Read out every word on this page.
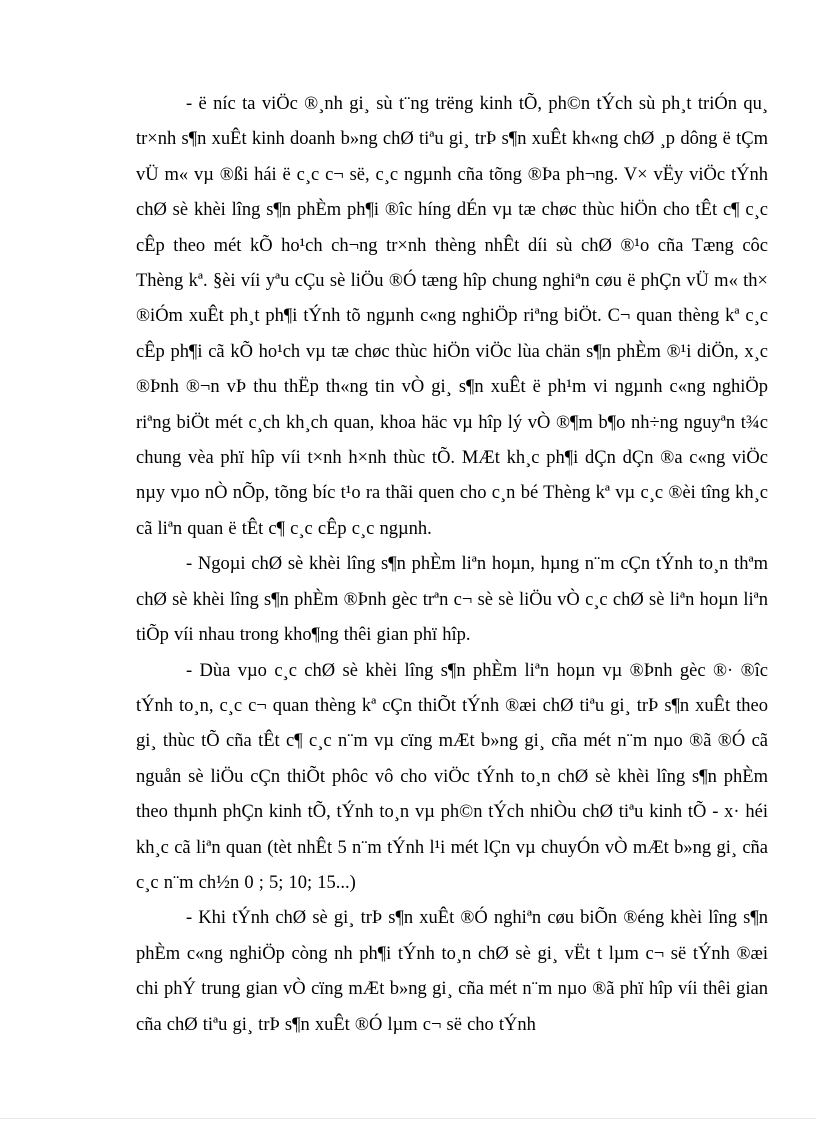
- ë níc ta viÖc ®¸nh gi¸ sù t¨ng trëng kinh tÕ, ph©n tÝch sù ph¸t triÓn qu¸ tr×nh s¶n xuÊt kinh doanh b»ng chØ tiªu gi¸ trÞ s¶n xuÊt kh«ng chØ ¸p dông ë tÇm vÜ m« vµ ®ßi hái ë c¸c c¬ së, c¸c ngµnh cña tõng ®Þa ph¬ng. V× vËy viÖc tÝnh chØ sè khèi lîng s¶n phÈm ph¶i ®îc híng dÉn vµ tæ chøc thùc hiÖn cho tÊt c¶ c¸c cÊp theo mét kÕ ho¹ch ch¬ng tr×nh thèng nhÊt díi sù chØ ®¹o cña Tæng côc Thèng kª. §èi víi yªu cÇu sè liÖu ®Ó tæng hîp chung nghiªn cøu ë phÇn vÜ m« th× ®iÓm xuÊt ph¸t ph¶i tÝnh tõ ngµnh c«ng nghiÖp riªng biÖt. C¬ quan thèng kª c¸c cÊp ph¶i cã kÕ ho¹ch vµ tæ chøc thùc hiÖn viÖc lùa chän s¶n phÈm ®¹i diÖn, x¸c ®Þnh ®¬n vÞ thu thËp th«ng tin vÒ gi¸ s¶n xuÊt ë ph¹m vi ngµnh c«ng nghiÖp riªng biÖt mét c¸ch kh¸ch quan, khoa häc vµ hîp lý vÒ ®¶m b¶o nh÷ng nguyªn t¾c chung vèa phï hîp víi t×nh h×nh thùc tÕ. MÆt kh¸c ph¶i dÇn dÇn ®a c«ng viÖc nµy vµo nÒ nÕp, tõng bíc t¹o ra thãi quen cho c¸n bé Thèng kª vµ c¸c ®èi tîng kh¸c cã liªn quan ë tÊt c¶ c¸c cÊp c¸c ngµnh.

- Ngoµi chØ sè khèi lîng s¶n phÈm liªn hoµn, hµng n¨m cÇn tÝnh to¸n thªm chØ sè khèi lîng s¶n phÈm ®Þnh gèc trªn c¬ sè sè liÖu vÒ c¸c chØ sè liªn hoµn liªn tiÕp víi nhau trong kho¶ng thêi gian phï hîp.

- Dùa vµo c¸c chØ sè khèi lîng s¶n phÈm liªn hoµn vµ ®Þnh gèc ®· ®îc tÝnh to¸n, c¸c c¬ quan thèng kª cÇn thiÕt tÝnh ®æi chØ tiªu gi¸ trÞ s¶n xuÊt theo gi¸ thùc tÕ cña tÊt c¶ c¸c n¨m vµ cïng mÆt b»ng gi¸ cña mét n¨m nµo ®ã ®Ó cã nguån sè liÖu cÇn thiÕt phôc vô cho viÖc tÝnh to¸n chØ sè khèi lîng s¶n phÈm theo thµnh phÇn kinh tÕ, tÝnh to¸n vµ ph©n tÝch nhiÒu chØ tiªu kinh tÕ - x· héi kh¸c cã liªn quan (tèt nhÊt 5 n¨m tÝnh l¹i mét lÇn vµ chuyÓn vÒ mÆt b»ng gi¸ cña c¸c n¨m ch½n 0 ; 5; 10; 15...)

- Khi tÝnh chØ sè gi¸ trÞ s¶n xuÊt ®Ó nghiªn cøu biÕn ®éng khèi lîng s¶n phÈm c«ng nghiÖp còng nh ph¶i tÝnh to¸n chØ sè gi¸ vËt t lµm c¬ së tÝnh ®æi chi phÝ trung gian vÒ cïng mÆt b»ng gi¸ cña mét n¨m nµo ®ã phï hîp víi thêi gian cña chØ tiªu gi¸ trÞ s¶n xuÊt ®Ó lµm c¬ së cho tÝnh
